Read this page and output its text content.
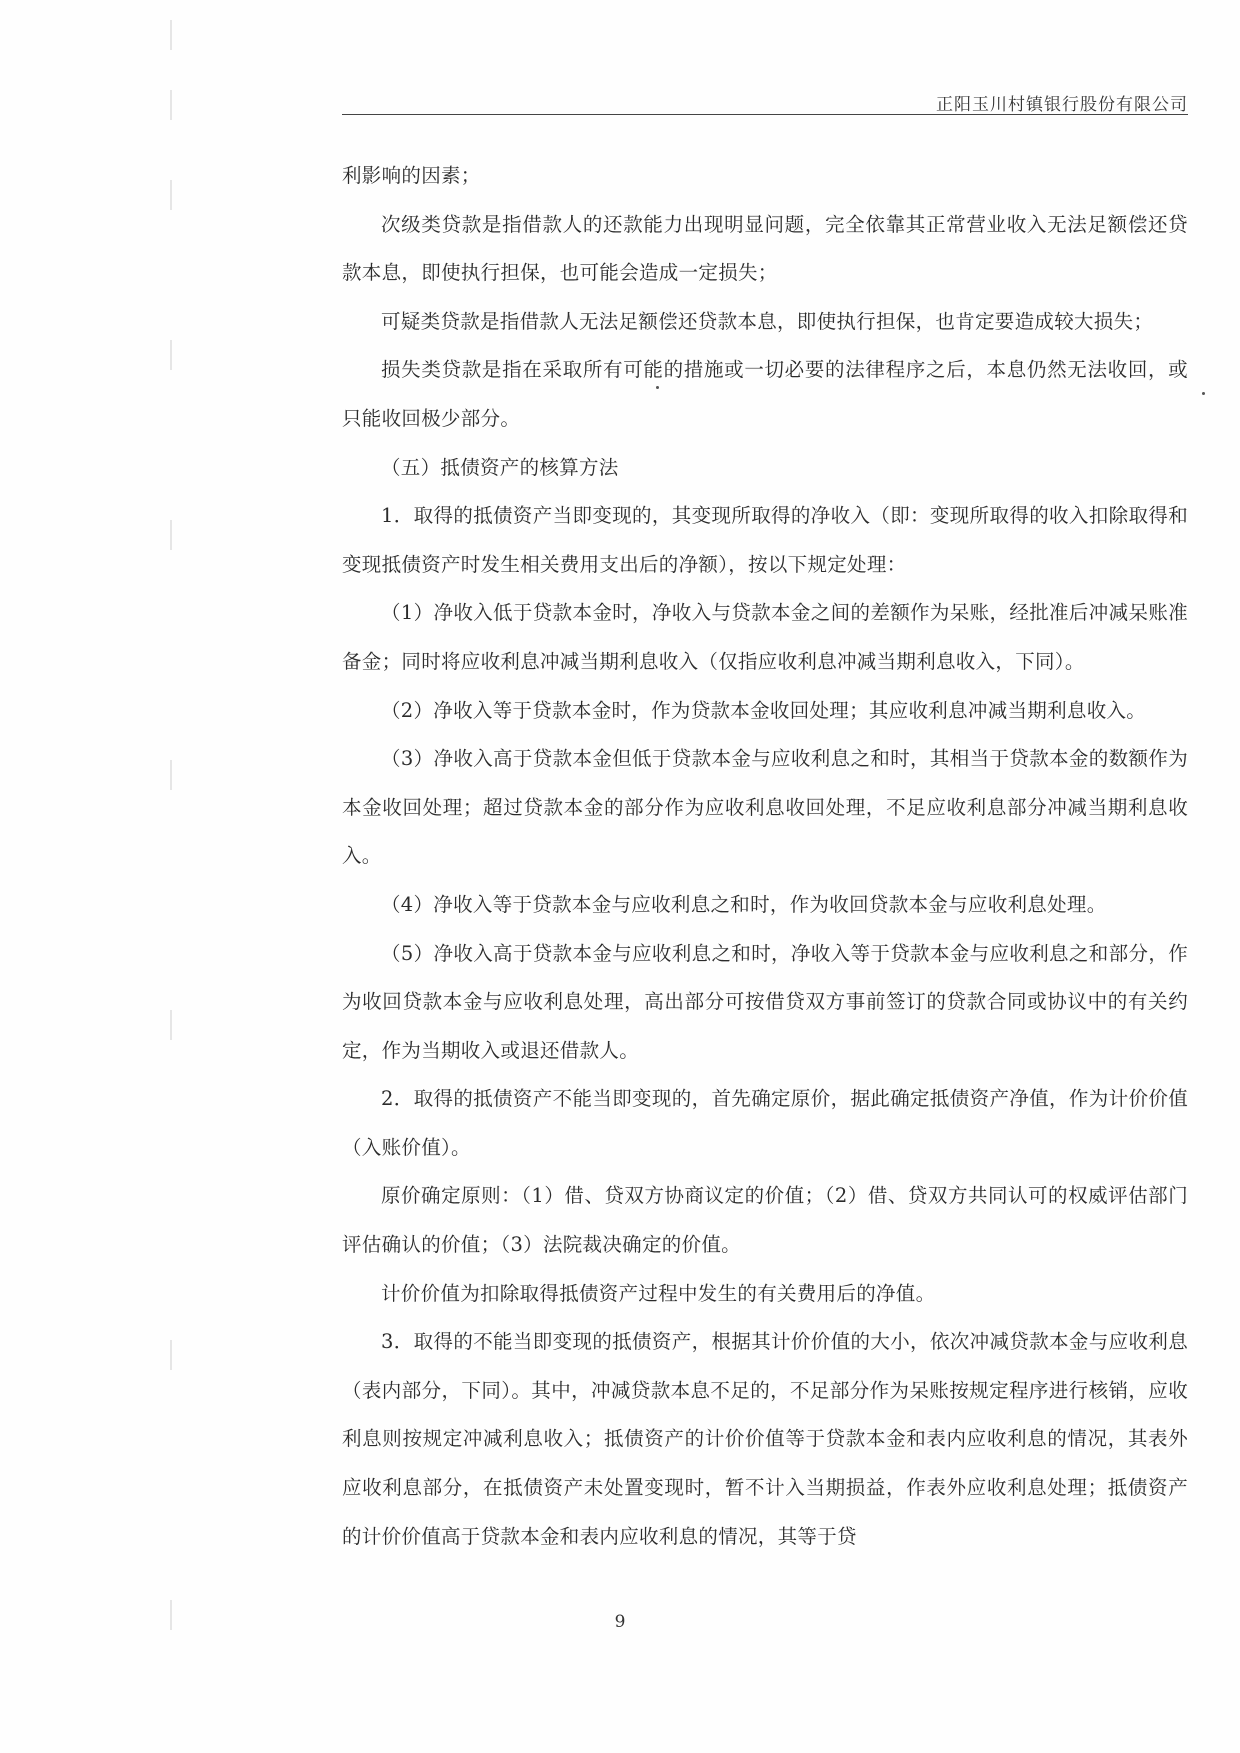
正阳玉川村镇银行股份有限公司

利影响的因素；

次级类贷款是指借款人的还款能力出现明显问题，完全依靠其正常营业收入无法足额偿还贷款本息，即使执行担保，也可能会造成一定损失；

可疑类贷款是指借款人无法足额偿还贷款本息，即使执行担保，也肯定要造成较大损失；

损失类贷款是指在采取所有可能的措施或一切必要的法律程序之后，本息仍然无法收回，或只能收回极少部分。

（五）抵债资产的核算方法

1．取得的抵债资产当即变现的，其变现所取得的净收入（即：变现所取得的收入扣除取得和变现抵债资产时发生相关费用支出后的净额），按以下规定处理：

（1）净收入低于贷款本金时，净收入与贷款本金之间的差额作为呆账，经批准后冲减呆账准备金；同时将应收利息冲减当期利息收入（仅指应收利息冲减当期利息收入，下同）。

（2）净收入等于贷款本金时，作为贷款本金收回处理；其应收利息冲减当期利息收入。

（3）净收入高于贷款本金但低于贷款本金与应收利息之和时，其相当于贷款本金的数额作为本金收回处理；超过贷款本金的部分作为应收利息收回处理，不足应收利息部分冲减当期利息收入。

（4）净收入等于贷款本金与应收利息之和时，作为收回贷款本金与应收利息处理。

（5）净收入高于贷款本金与应收利息之和时，净收入等于贷款本金与应收利息之和部分，作为收回贷款本金与应收利息处理，高出部分可按借贷双方事前签订的贷款合同或协议中的有关约定，作为当期收入或退还借款人。

2．取得的抵债资产不能当即变现的，首先确定原价，据此确定抵债资产净值，作为计价价值（入账价值）。

原价确定原则：（1）借、贷双方协商议定的价值；（2）借、贷双方共同认可的权威评估部门评估确认的价值；（3）法院裁决确定的价值。

计价价值为扣除取得抵债资产过程中发生的有关费用后的净值。

3．取得的不能当即变现的抵债资产，根据其计价价值的大小，依次冲减贷款本金与应收利息（表内部分，下同）。其中，冲减贷款本息不足的，不足部分作为呆账按规定程序进行核销，应收利息则按规定冲减利息收入；抵债资产的计价价值等于贷款本金和表内应收利息的情况，其表外应收利息部分，在抵债资产未处置变现时，暂不计入当期损益，作表外应收利息处理；抵债资产的计价价值高于贷款本金和表内应收利息的情况，其等于贷

9
